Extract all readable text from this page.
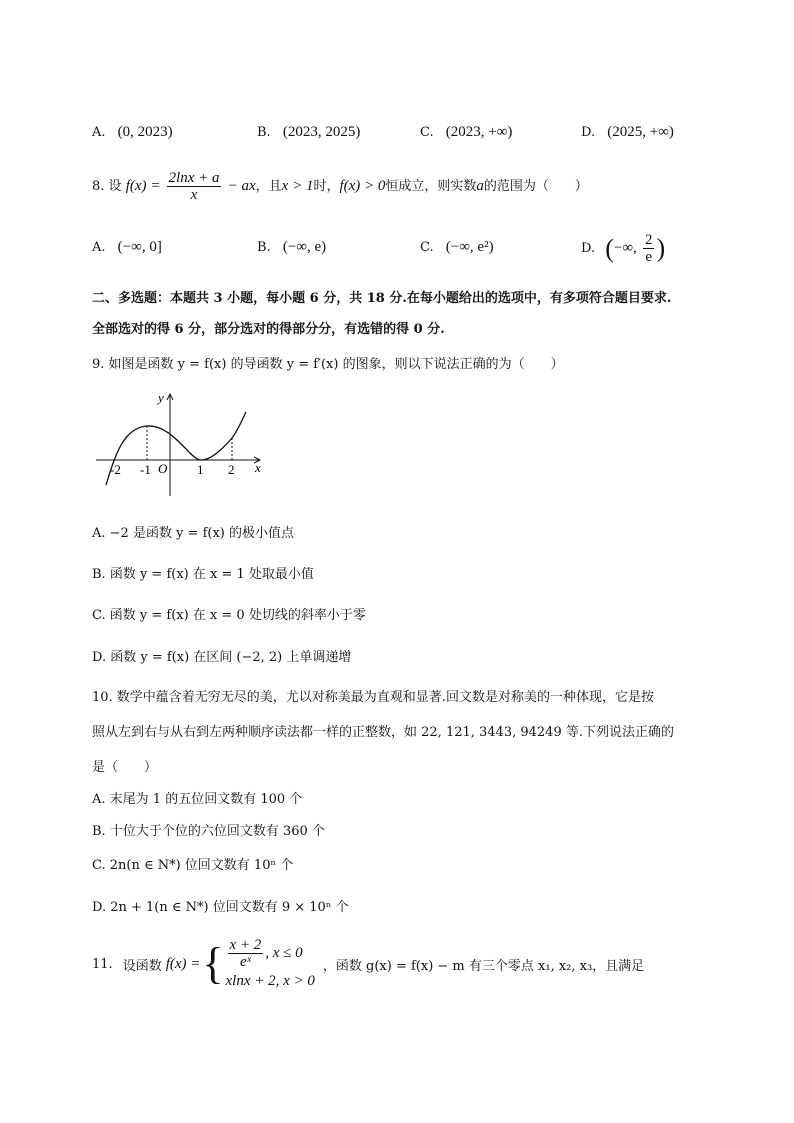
A. (0, 2023)	B. (2023, 2025)	C. (2023, +∞)	D. (2025, +∞)
8. 设 $f(x) = \frac{2\ln x + a}{x}$ − ax，且x > 1时，f(x) > 0恒成立，则实数a的范围为（　　）
A. (−∞, 0]	B. (−∞, e)	C. (−∞, e²)	D. (−∞, $\frac{2}{e}$ )
二、多选题：本题共 3 小题，每小题 6 分，共 18 分.在每小题给出的选项中，有多项符合题目要求.
全部选对的得 6 分，部分选对的得部分分，有选错的得 0 分.
9. 如图是函数 y = f(x) 的导函数 y = f′(x) 的图象，则以下说法正确的为（　　）
y
x
O
-2 -1	1 2
A. −2 是函数 y = f(x) 的极小值点
B. 函数 y = f(x) 在 x = 1 处取最小值
C. 函数 y = f(x) 在 x = 0 处切线的斜率小于零
D. 函数 y = f(x) 在区间 (−2, 2) 上单调递增
10. 数学中蕴含着无穷无尽的美，尤以对称美最为直观和显著.回文数是对称美的一种体现，它是按
照从左到右与从右到左两种顺序读法都一样的正整数，如 22, 121, 3443, 94249 等.下列说法正确的
是（　　）
A. 末尾为 1 的五位回文数有 100 个
B. 十位大于个位的六位回文数有 360 个
C. 2n(n ∈ N*) 位回文数有 10ⁿ 个
D. 2n + 1(n ∈ N*) 位回文数有 9 × 10ⁿ 个
11. 设函数 f(x) = { $\frac{x + 2}{\text{eˣ}}$ , x ≤ 0
xlnx + 2, x > 0
，函数 g(x) = f(x) − m 有三个零点 x₁, x₂, x₃，且满足
